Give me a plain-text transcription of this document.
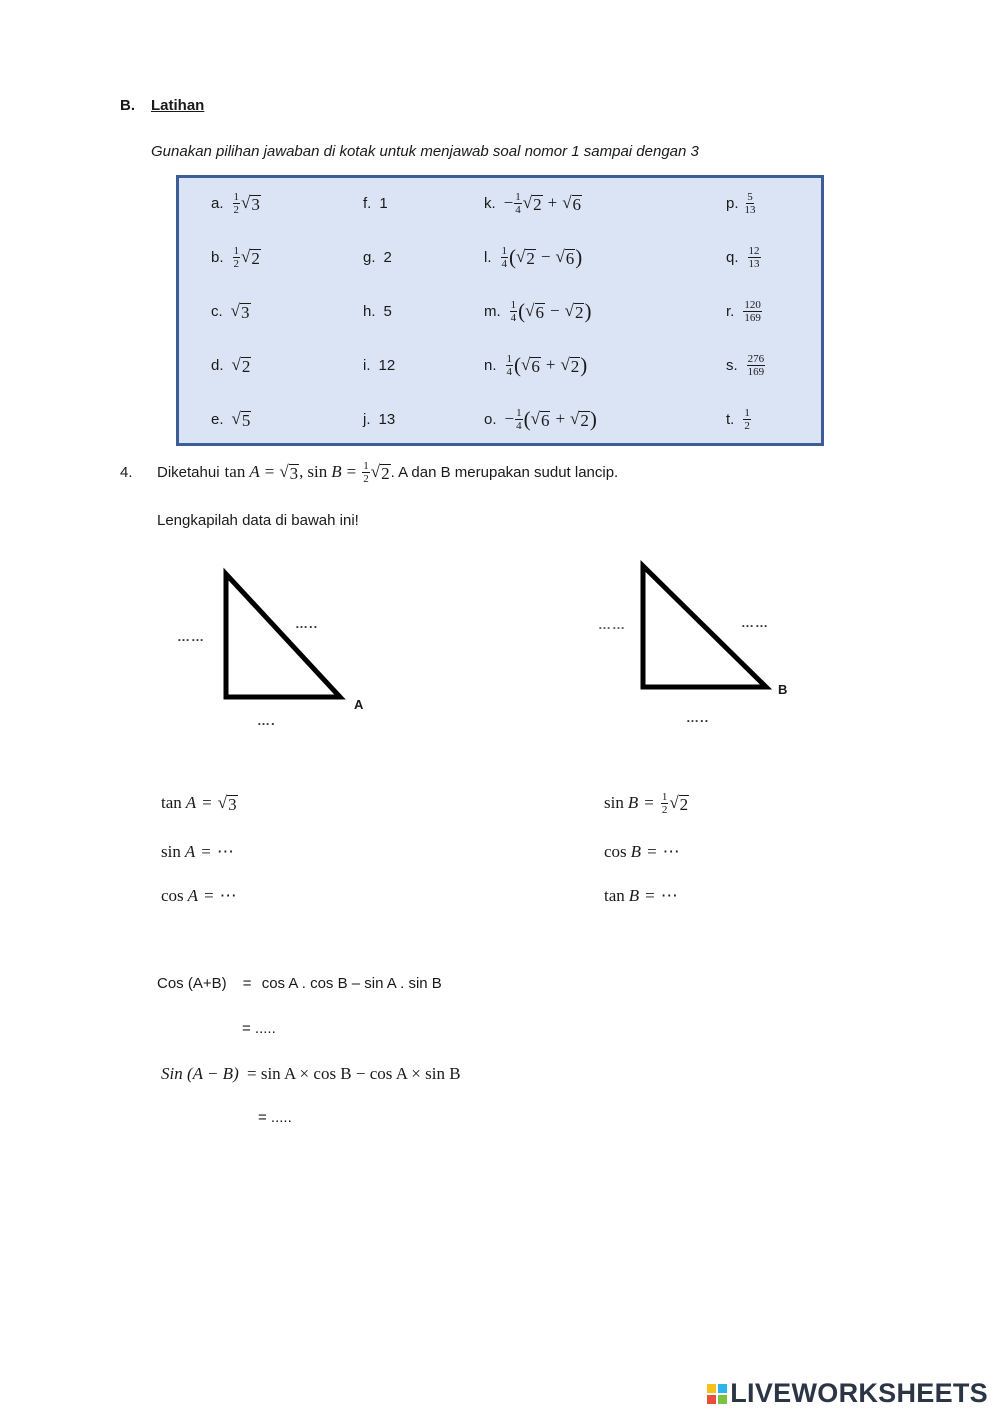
B. Latihan
Gunakan pilihan jawaban di kotak untuk menjawab soal nomor 1 sampai dengan 3
a. $\frac{1}{2}$ √ 3
b. $\frac{1}{2}$ √ 2
c. √ 3
d. √ 2
e. √ 5
f. 1
g. 2
h. 5
i. 12
j. 13
k. − $\frac{1}{4}$ √ 2 + √ 6
l. $\frac{1}{4}$ ( √ 2 − √ 6 )
m. $\frac{1}{4}$ ( √ 6 − √ 2 )
n. $\frac{1}{4}$ ( √ 6 + √ 2 )
o. − $\frac{1}{4}$ ( √ 6 + √ 2 )
p. $\frac{5}{13}$
q. $\frac{12}{13}$
r. $\frac{120}{169}$
s. $\frac{276}{169}$
t. $\frac{1}{2}$
4. Diketahui tan A = √ 3 , $\sin B = \frac{1}{2}$ √ 2 . A dan B merupakan sudut lancip.
Lengkapilah data di bawah ini!
……
…..
….
A
……	……
…..
B
tan A = √ 3
sin A = ⋯
cos A = ⋯
$\sin B = \frac{1}{2}$ √ 2
cos B = ⋯
tan B = ⋯
Cos (A+B) = cos A . cos B – sin A . sin B
= .....
Sin (A − B) = sin A × cos B − cos A × sin B
= .....
LIVEWORKSHEETS
